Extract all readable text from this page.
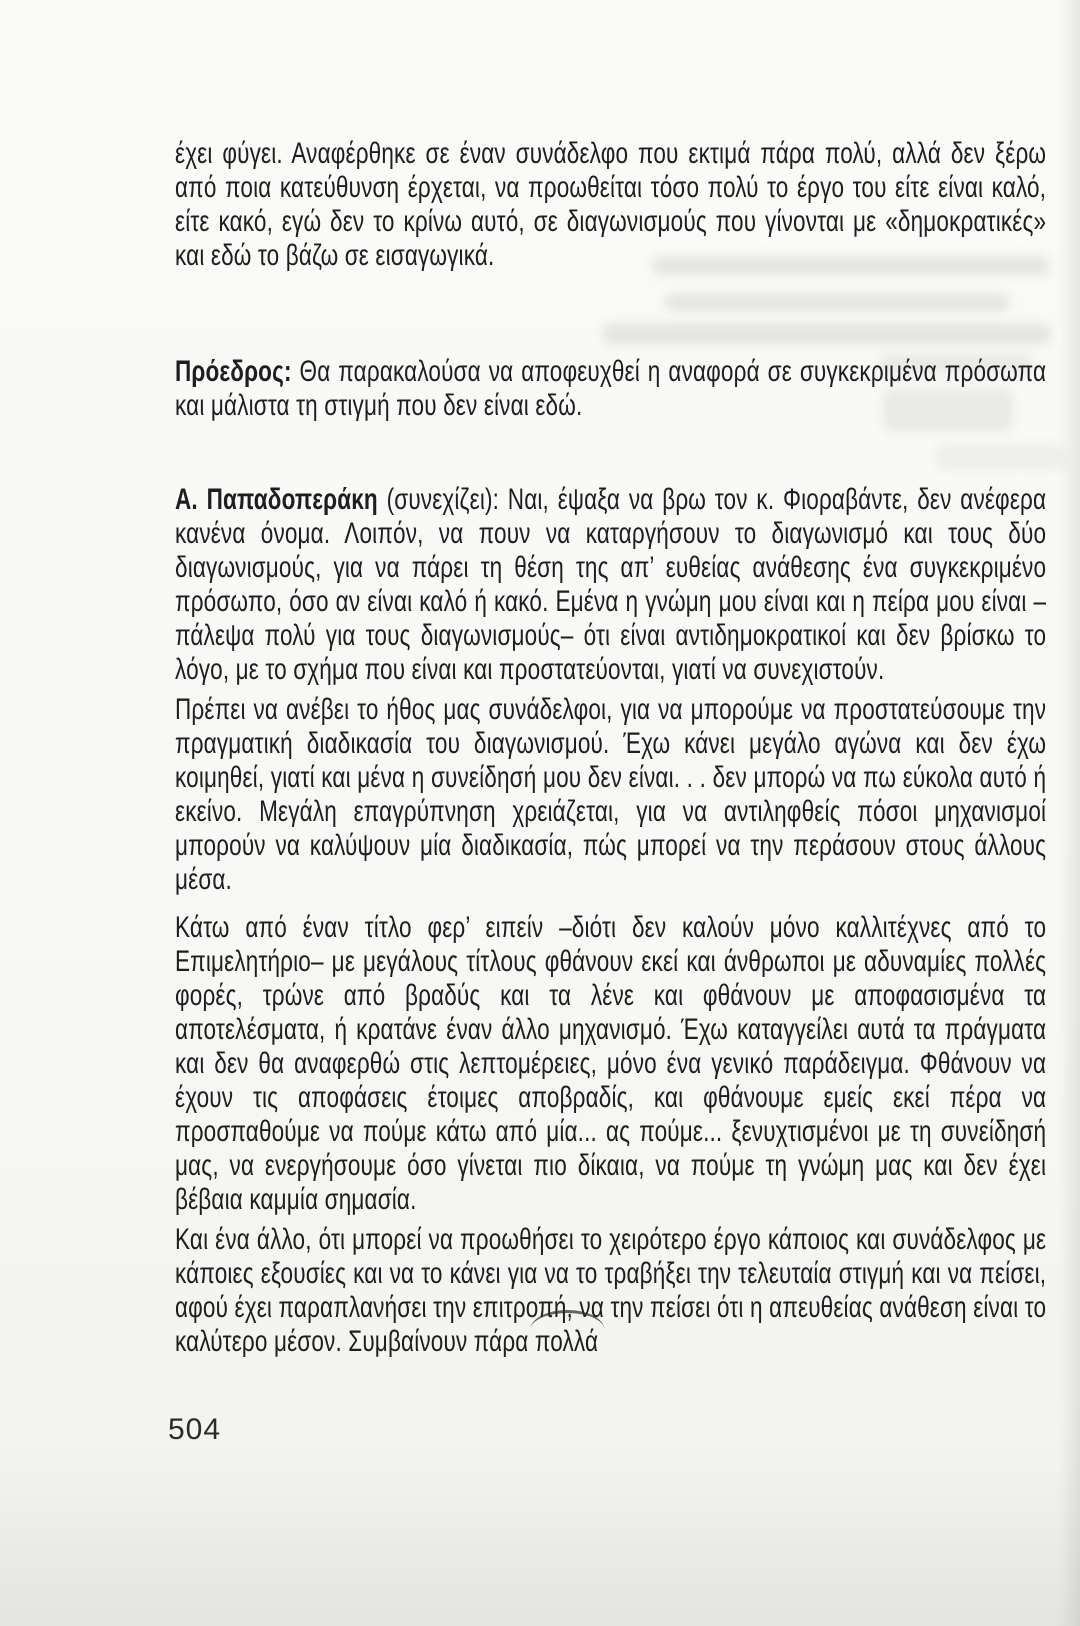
έχει φύγει. Αναφέρθηκε σε έναν συνάδελφο που εκτιμά πάρα πολύ, αλλά δεν ξέρω από ποια κατεύθυνση έρχεται, να προωθείται τόσο πολύ το έργο του είτε είναι καλό, είτε κακό, εγώ δεν το κρίνω αυτό, σε διαγωνισμούς που γίνονται με «δημοκρατικές» και εδώ το βάζω σε εισαγωγικά.

Πρόεδρος: Θα παρακαλούσα να αποφευχθεί η αναφορά σε συγκεκριμένα πρόσωπα και μάλιστα τη στιγμή που δεν είναι εδώ.

Α. Παπαδοπεράκη (συνεχίζει): Ναι, έψαξα να βρω τον κ. Φιοραβάντε, δεν ανέφερα κανένα όνομα. Λοιπόν, να πουν να καταργήσουν το διαγωνισμό και τους δύο διαγωνισμούς, για να πάρει τη θέση της απ’ ευθείας ανάθεσης ένα συγκεκριμένο πρόσωπο, όσο αν είναι καλό ή κακό. Εμένα η γνώμη μου είναι και η πείρα μου είναι –πάλεψα πολύ για τους διαγωνισμούς– ότι είναι αντιδημοκρατικοί και δεν βρίσκω το λόγο, με το σχήμα που είναι και προστατεύονται, γιατί να συνεχιστούν.

Πρέπει να ανέβει το ήθος μας συνάδελφοι, για να μπορούμε να προστατεύσουμε την πραγματική διαδικασία του διαγωνισμού. Έχω κάνει μεγάλο αγώνα και δεν έχω κοιμηθεί, γιατί και μένα η συνείδησή μου δεν είναι. . . δεν μπορώ να πω εύκολα αυτό ή εκείνο. Μεγάλη επαγρύπνηση χρειάζεται, για να αντιληφθείς πόσοι μηχανισμοί μπορούν να καλύψουν μία διαδικασία, πώς μπορεί να την περάσουν στους άλλους μέσα.

Κάτω από έναν τίτλο φερ’ ειπείν –διότι δεν καλούν μόνο καλλιτέχνες από το Επιμελητήριο– με μεγάλους τίτλους φθάνουν εκεί και άνθρωποι με αδυναμίες πολλές φορές, τρώνε από βραδύς και τα λένε και φθάνουν με αποφασισμένα τα αποτελέσματα, ή κρατάνε έναν άλλο μηχανισμό. Έχω καταγγείλει αυτά τα πράγματα και δεν θα αναφερθώ στις λεπτομέρειες, μόνο ένα γενικό παράδειγμα. Φθάνουν να έχουν τις αποφάσεις έτοιμες αποβραδίς, και φθάνουμε εμείς εκεί πέρα να προσπαθούμε να πούμε κάτω από μία... ας πούμε... ξενυχτισμένοι με τη συνείδησή μας, να ενεργήσουμε όσο γίνεται πιο δίκαια, να πούμε τη γνώμη μας και δεν έχει βέβαια καμμία σημασία.

Και ένα άλλο, ότι μπορεί να προωθήσει το χειρότερο έργο κάποιος και συνάδελφος με κάποιες εξουσίες και να το κάνει για να το τραβήξει την τελευταία στιγμή και να πείσει, αφού έχει παραπλανήσει την επιτροπή, να την πείσει ότι η απευθείας ανάθεση είναι το καλύτερο μέσον. Συμβαίνουν πάρα πολλά

504
